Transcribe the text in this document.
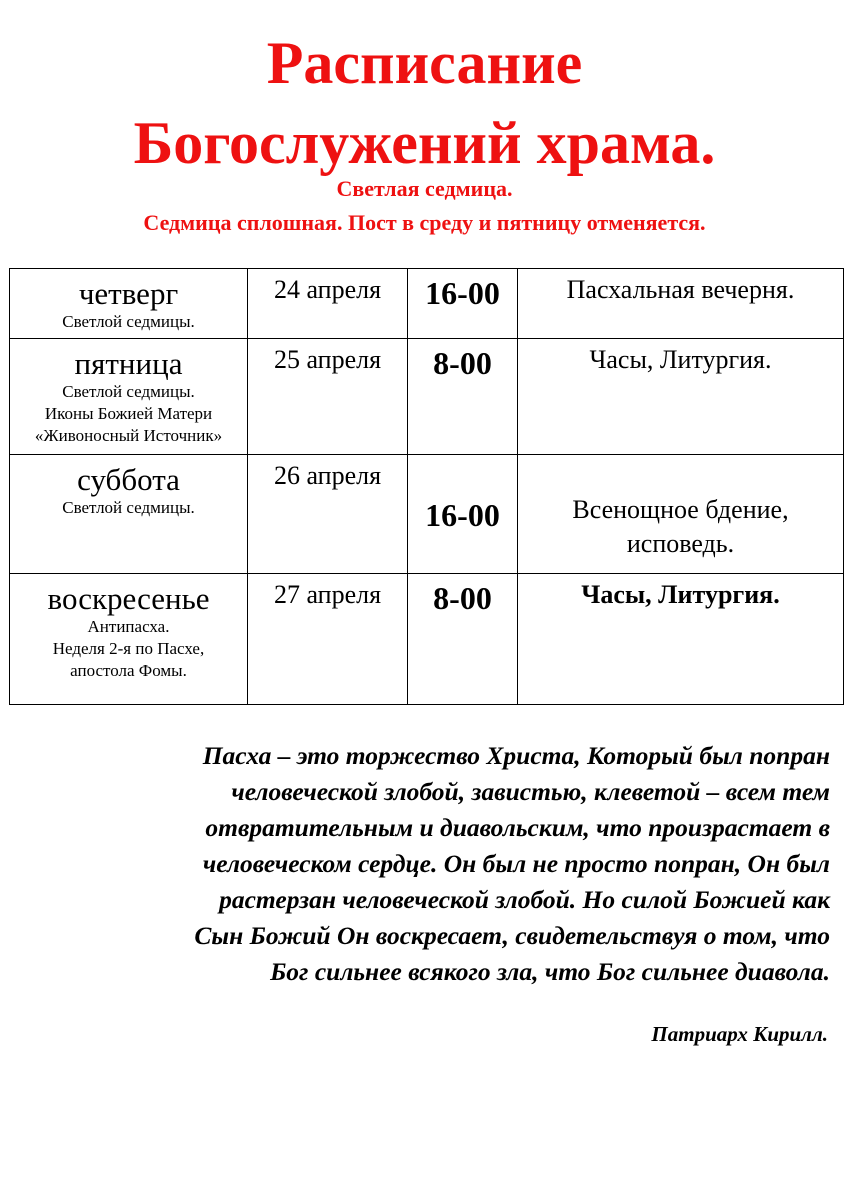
Расписание
Богослужений храма.
Светлая седмица.
Седмица сплошная. Пост в среду и пятницу отменяется.
четверг
Светлой седмицы.	24 апреля	16-00	Пасхальная вечерня.

пятница
Светлой седмицы.
Иконы Божией Матери
«Живоносный Источник»	25 апреля	8-00	Часы, Литургия.

суббота
Светлой седмицы.	26 апреля	16-00	Всенощное бдение,
исповедь.

воскресенье
Антипасха.
Неделя 2-я по Пасхе,
апостола Фомы.	27 апреля	8-00	Часы, Литургия.
Пасха – это торжество Христа, Который был попран
человеческой злобой, завистью, клеветой – всем тем
отвратительным и диавольским, что произрастает в
человеческом сердце. Он был не просто попран, Он был
растерзан человеческой злобой. Но силой Божией как
Сын Божий Он воскресает, свидетельствуя о том, что
Бог сильнее всякого зла, что Бог сильнее диавола.
Патриарх Кирилл.
